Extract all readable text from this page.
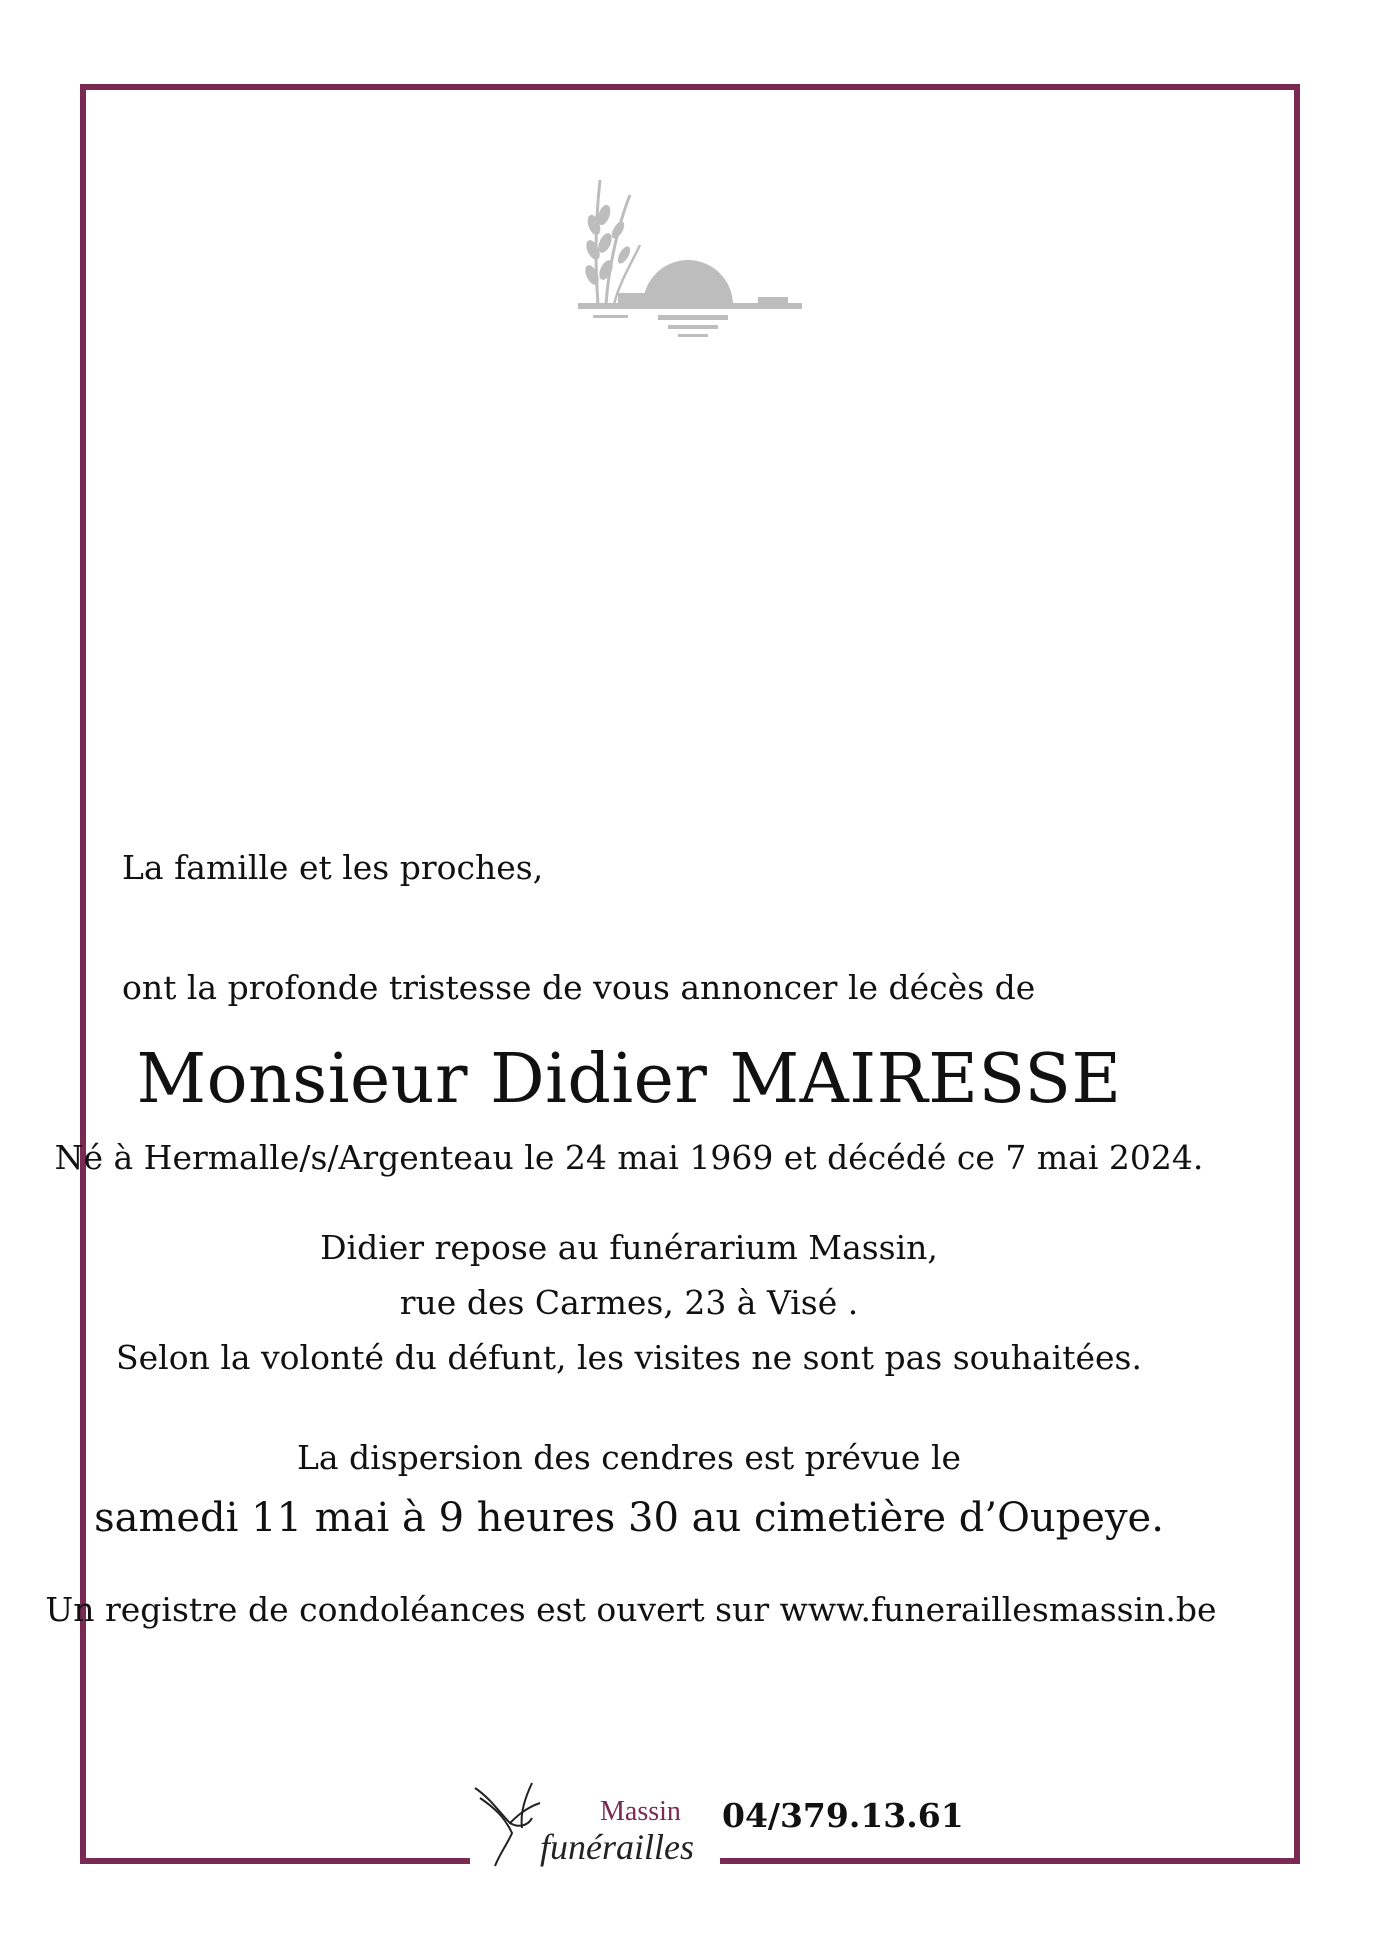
La famille et les proches,
ont la profonde tristesse de vous annoncer le décès de
Monsieur Didier MAIRESSE
Né à Hermalle/s/Argenteau le 24 mai 1969 et décédé ce 7 mai 2024.
Didier repose au funérarium Massin,
rue des Carmes, 23 à Visé .
Selon la volonté du défunt, les visites ne sont pas souhaitées.
La dispersion des cendres est prévue le
samedi 11 mai à 9 heures 30 au cimetière d’Oupeye.
Un registre de condoléances est ouvert sur www.funeraillesmassin.be
Massin
funérailles
04/379.13.61
